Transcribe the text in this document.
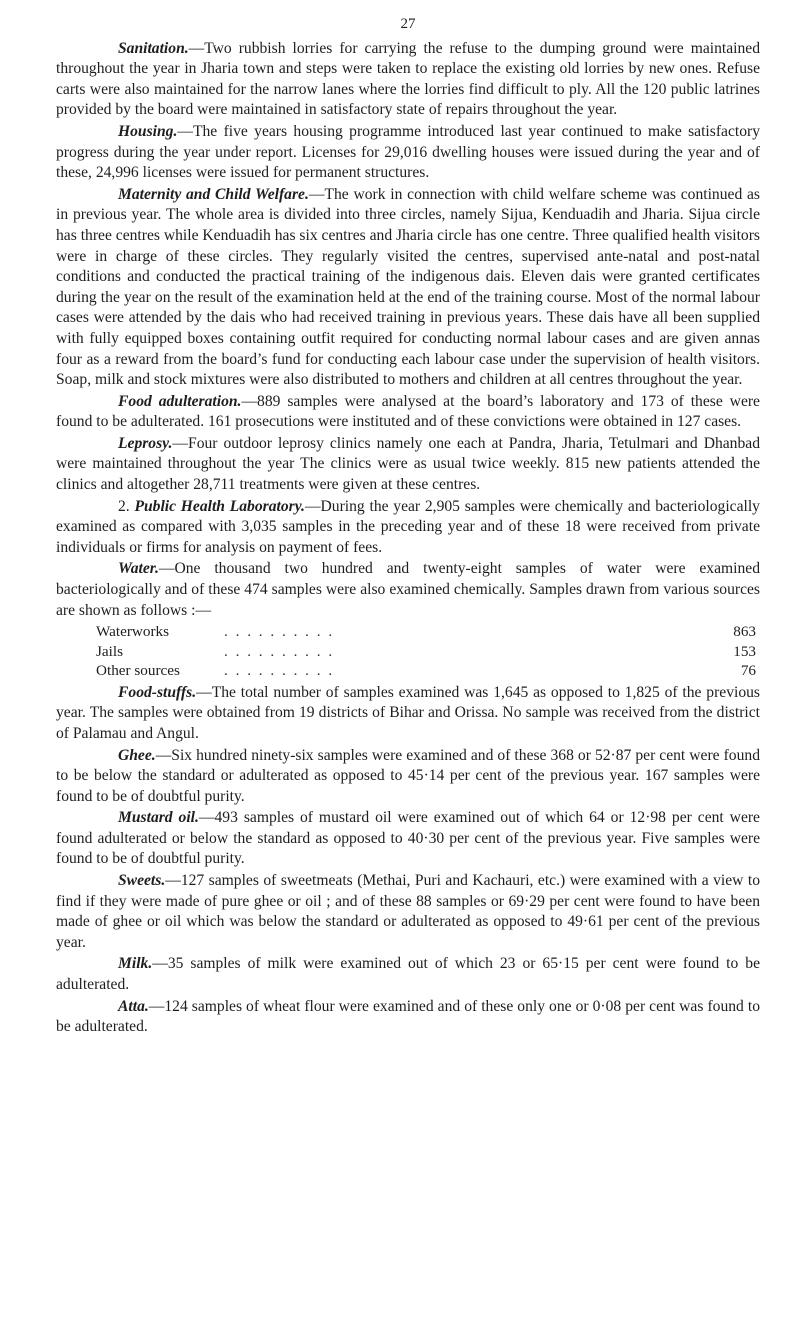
27

Sanitation.—Two rubbish lorries for carrying the refuse to the dumping ground were maintained throughout the year in Jharia town and steps were taken to replace the existing old lorries by new ones. Refuse carts were also maintained for the narrow lanes where the lorries find difficult to ply. All the 120 public latrines provided by the board were maintained in satisfactory state of repairs throughout the year.

Housing.—The five years housing programme introduced last year continued to make satisfactory progress during the year under report. Licenses for 29,016 dwelling houses were issued during the year and of these, 24,996 licenses were issued for permanent structures.

Maternity and Child Welfare.—The work in connection with child welfare scheme was continued as in previous year. The whole area is divided into three circles, namely Sijua, Kenduadih and Jharia. Sijua circle has three centres while Kenduadih has six centres and Jharia circle has one centre. Three qualified health visitors were in charge of these circles. They regularly visited the centres, supervised ante-natal and post-natal conditions and conducted the practical training of the indigenous dais. Eleven dais were granted certificates during the year on the result of the examination held at the end of the training course. Most of the normal labour cases were attended by the dais who had received training in previous years. These dais have all been supplied with fully equipped boxes containing outfit required for conducting normal labour cases and are given annas four as a reward from the board’s fund for conducting each labour case under the supervision of health visitors. Soap, milk and stock mixtures were also distributed to mothers and children at all centres throughout the year.

Food adulteration.—889 samples were analysed at the board’s laboratory and 173 of these were found to be adulterated. 161 prosecutions were instituted and of these convictions were obtained in 127 cases.

Leprosy.—Four outdoor leprosy clinics namely one each at Pandra, Jharia, Tetulmari and Dhanbad were maintained throughout the year The clinics were as usual twice weekly. 815 new patients attended the clinics and altogether 28,711 treatments were given at these centres.

2. Public Health Laboratory.—During the year 2,905 samples were chemically and bacteriologically examined as compared with 3,035 samples in the preceding year and of these 18 were received from private individuals or firms for analysis on payment of fees.

Water.—One thousand two hundred and twenty-eight samples of water were examined bacteriologically and of these 474 samples were also examined chemically. Samples drawn from various sources are shown as follows :—

Waterworks	. . . . . . . . . .	863
Jails	. . . . . . . . . .	153
Other sources	. . . . . . . . . .	76

Food-stuffs.—The total number of samples examined was 1,645 as opposed to 1,825 of the previous year. The samples were obtained from 19 districts of Bihar and Orissa. No sample was received from the district of Palamau and Angul.

Ghee.—Six hundred ninety-six samples were examined and of these 368 or 52·87 per cent were found to be below the standard or adulterated as opposed to 45·14 per cent of the previous year. 167 samples were found to be of doubtful purity.

Mustard oil.—493 samples of mustard oil were examined out of which 64 or 12·98 per cent were found adulterated or below the standard as opposed to 40·30 per cent of the previous year. Five samples were found to be of doubtful purity.

Sweets.—127 samples of sweetmeats (Methai, Puri and Kachauri, etc.) were examined with a view to find if they were made of pure ghee or oil ; and of these 88 samples or 69·29 per cent were found to have been made of ghee or oil which was below the standard or adulterated as opposed to 49·61 per cent of the previous year.

Milk.—35 samples of milk were examined out of which 23 or 65·15 per cent were found to be adulterated.

Atta.—124 samples of wheat flour were examined and of these only one or 0·08 per cent was found to be adulterated.
